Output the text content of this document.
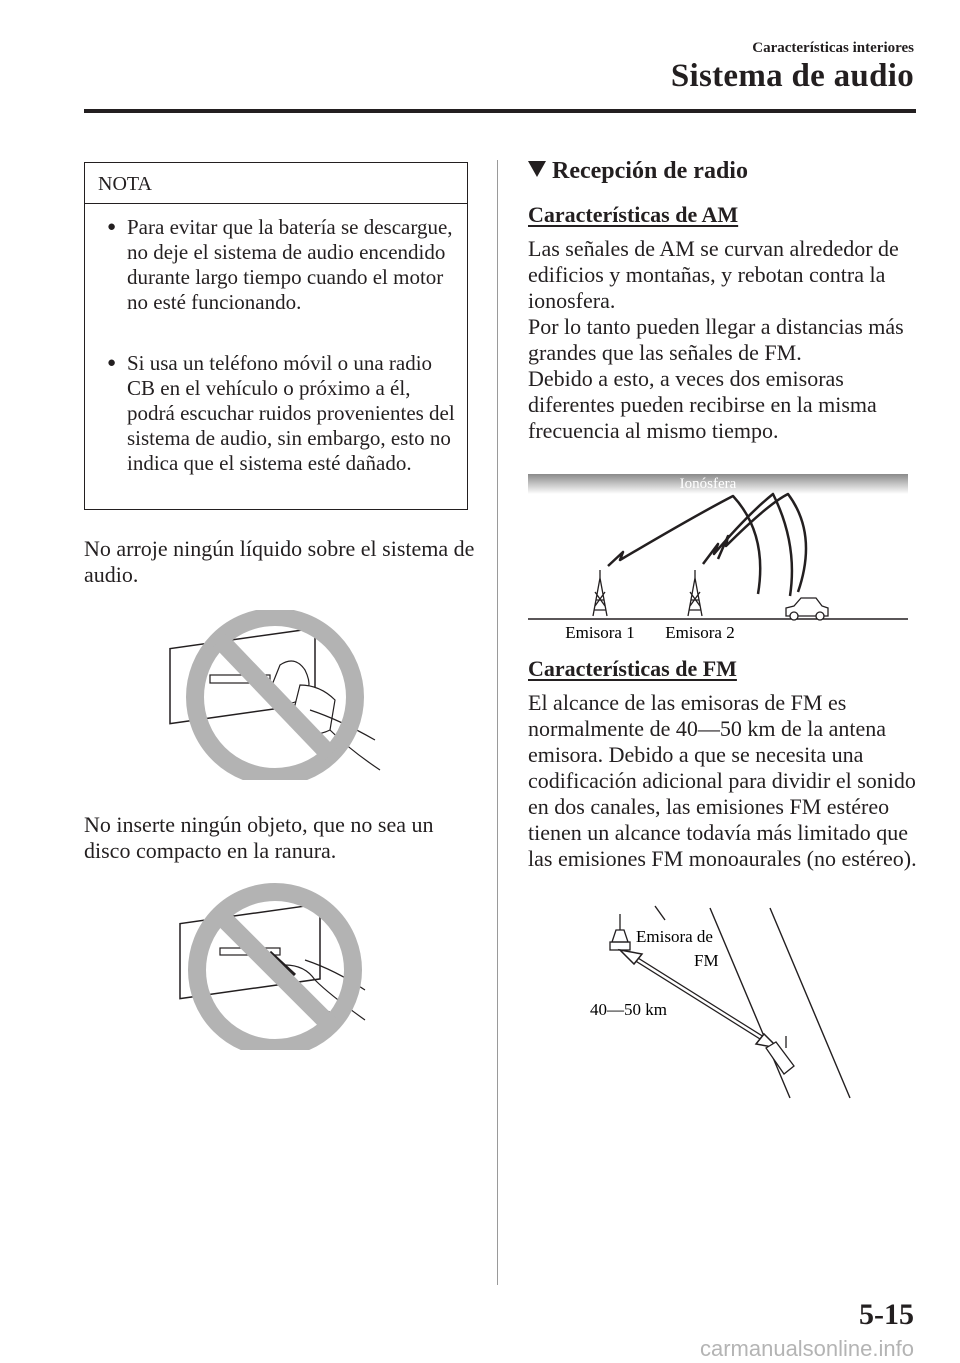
Características interiores
Sistema de audio
NOTA
● Para evitar que la batería se descargue, no deje el sistema de audio encendido durante largo tiempo cuando el motor no esté funcionando.
● Si usa un teléfono móvil o una radio CB en el vehículo o próximo a él, podrá escuchar ruidos provenientes del sistema de audio, sin embargo, esto no indica que el sistema esté dañado.
No arroje ningún líquido sobre el sistema de audio.
No inserte ningún objeto, que no sea un disco compacto en la ranura.
Recepción de radio
Características de AM
Las señales de AM se curvan alrededor de edificios y montañas, y rebotan contra la ionosfera.
Por lo tanto pueden llegar a distancias más grandes que las señales de FM.
Debido a esto, a veces dos emisoras diferentes pueden recibirse en la misma frecuencia al mismo tiempo.
Ionósfera
Emisora 1 Emisora 2
Características de FM
El alcance de las emisoras de FM es normalmente de 40―50 km de la antena emisora. Debido a que se necesita una codificación adicional para dividir el sonido en dos canales, las emisiones FM estéreo tienen un alcance todavía más limitado que las emisiones FM monoaurales (no estéreo).
Emisora de
FM
40―50 km
5-15
carmanualsonline.info
